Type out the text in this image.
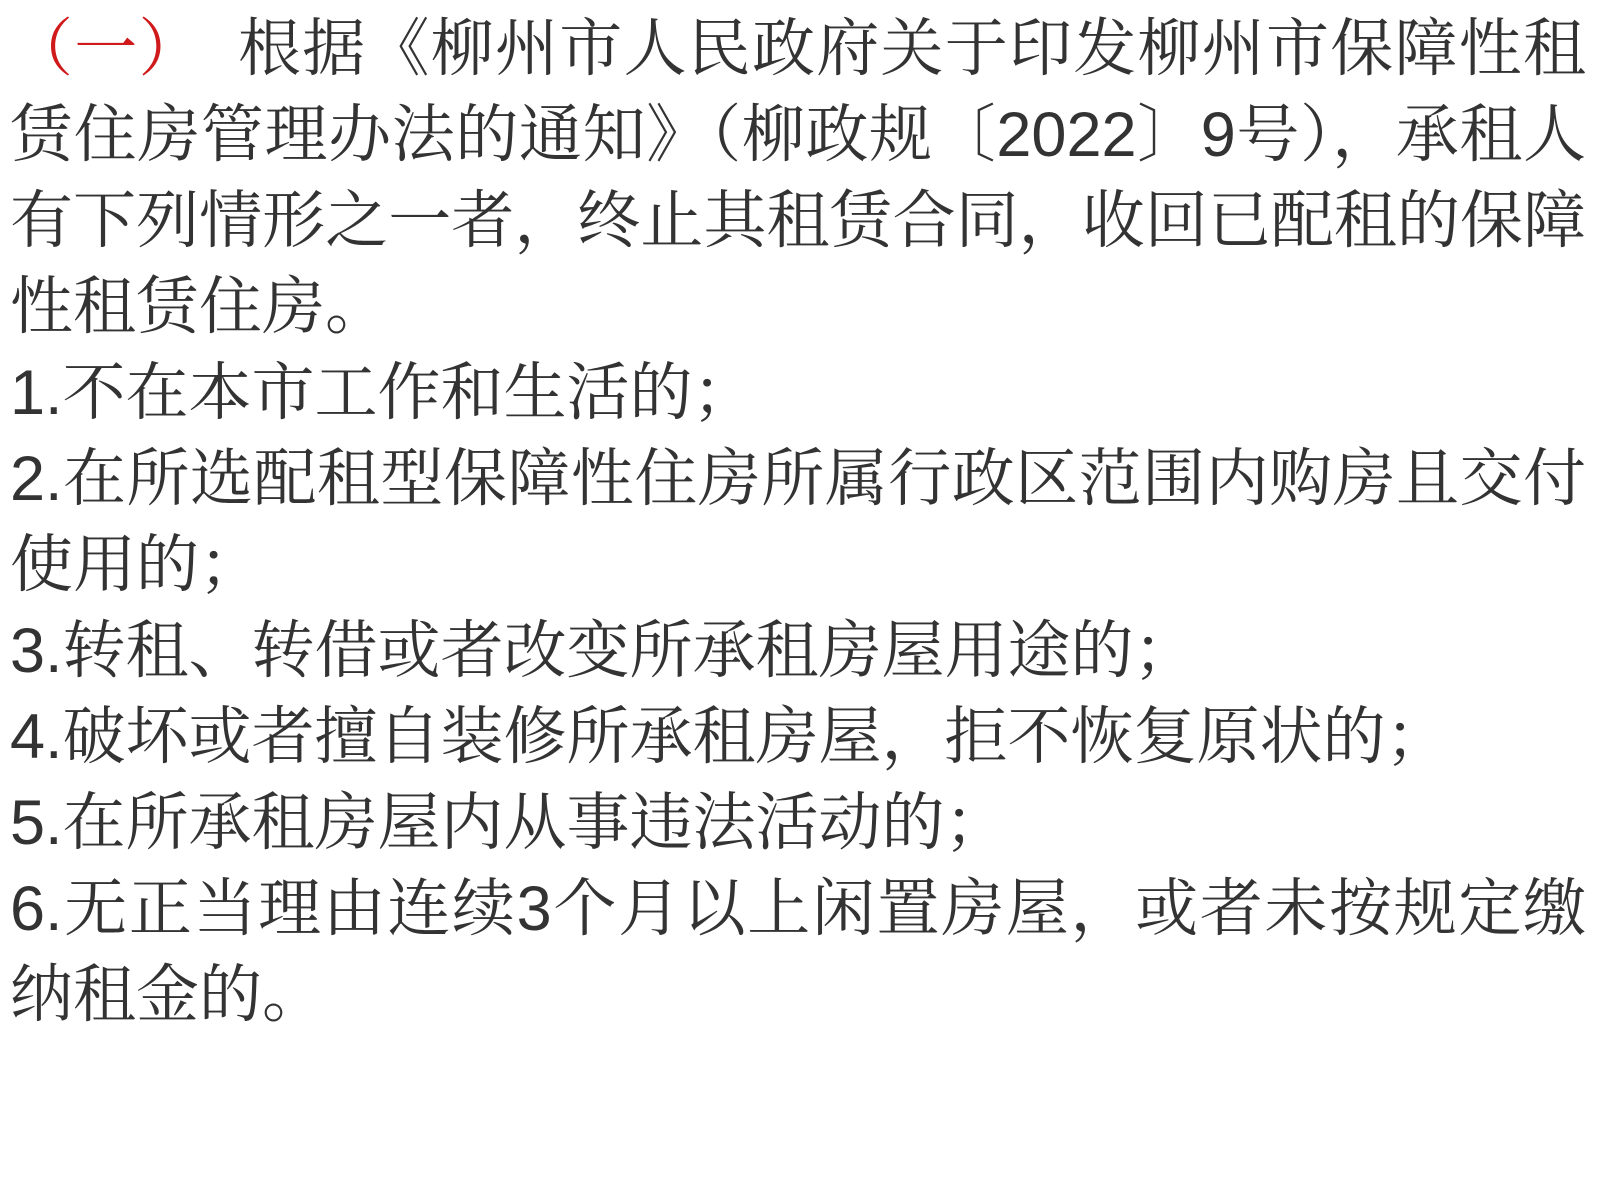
（一） 根据《柳州市人民政府关于印发柳州市保障性租赁住房管理办法的通知》（柳政规〔2022〕9号），承租人有下列情形之一者，终止其租赁合同，收回已配租的保障性租赁住房。

1.不在本市工作和生活的；

2.在所选配租型保障性住房所属行政区范围内购房且交付使用的；

3.转租、转借或者改变所承租房屋用途的；

4.破坏或者擅自装修所承租房屋，拒不恢复原状的；

5.在所承租房屋内从事违法活动的；

6.无正当理由连续3个月以上闲置房屋，或者未按规定缴纳租金的。
